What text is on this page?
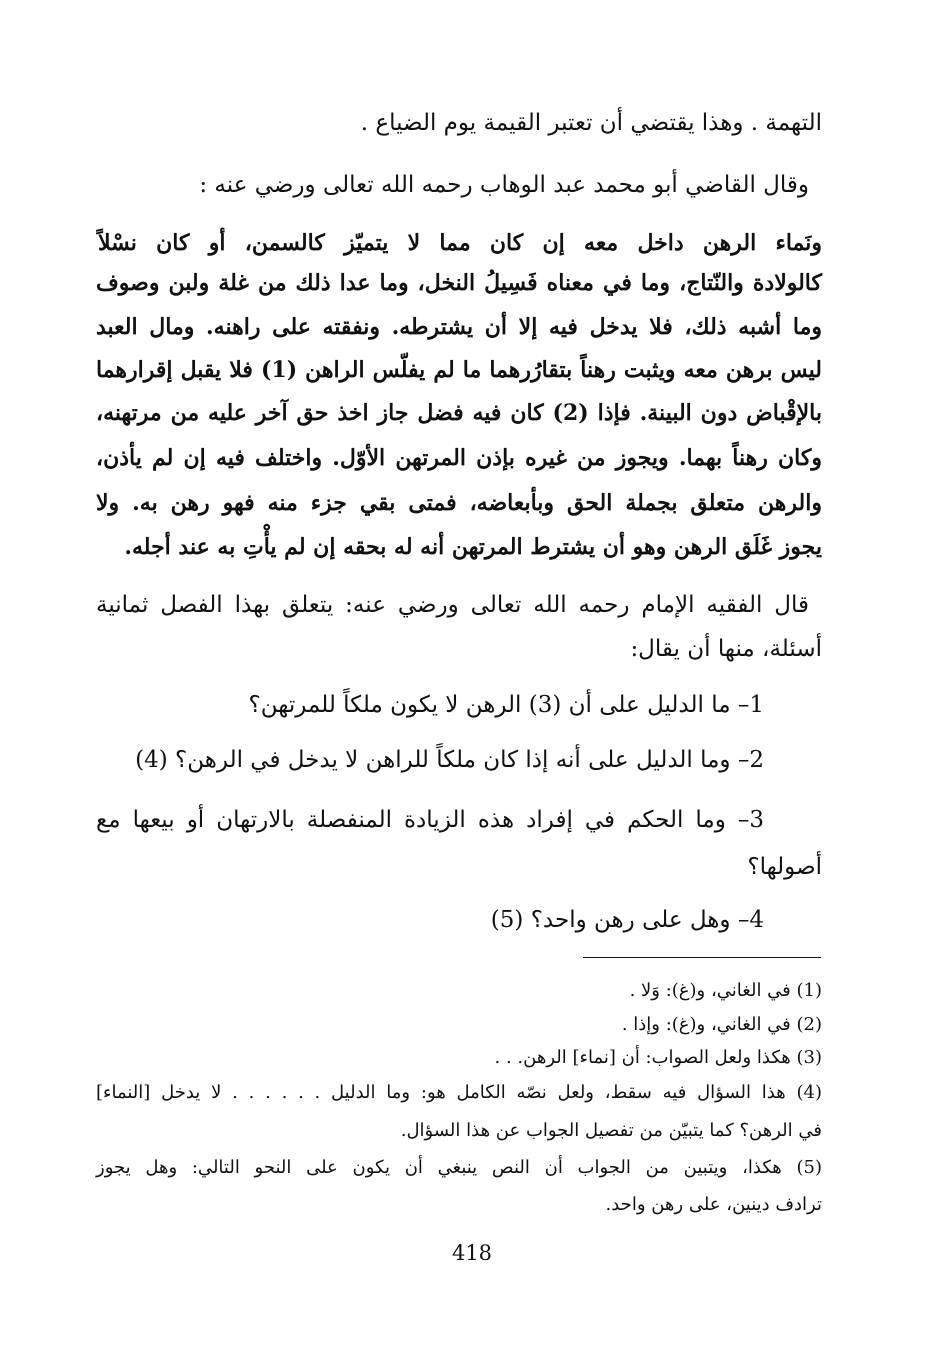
التهمة . وهذا يقتضي أن تعتبر القيمة يوم الضياع .
وقال القاضي أبو محمد عبد الوهاب رحمه الله تعالى ورضي عنه :
ونَماء الرهن داخل معه إن كان مما لا يتميّز كالسمن، أو كان نسْلاً
كالولادة والنّتاج، وما في معناه فَسِيلُ النخل، وما عدا ذلك من غلة ولبن وصوف
وما أشبه ذلك، فلا يدخل فيه إلا أن يشترطه. ونفقته على راهنه. ومال العبد
ليس برهن معه ويثبت رهناً بتقارُرهما ما لم يفلّس الراهن (1) فلا يقبل إقرارهما
بالإقْباض دون البينة. فإذا (2) كان فيه فضل جاز اخذ حق آخر عليه من مرتهنه،
وكان رهناً بهما. ويجوز من غيره بإذن المرتهن الأوّل. واختلف فيه إن لم يأذن،
والرهن متعلق بجملة الحق وبأبعاضه، فمتى بقي جزء منه فهو رهن به. ولا
يجوز غَلَق الرهن وهو أن يشترط المرتهن أنه له بحقه إن لم يأْتِ به عند أجله.
قال الفقيه الإمام رحمه الله تعالى ورضي عنه: يتعلق بهذا الفصل ثمانية
أسئلة، منها أن يقال:
1– ما الدليل على أن (3) الرهن لا يكون ملكاً للمرتهن؟
2– وما الدليل على أنه إذا كان ملكاً للراهن لا يدخل في الرهن؟ (4)
3– وما الحكم في إفراد هذه الزيادة المنفصلة بالارتهان أو بيعها مع
أصولها؟
4– وهل على رهن واحد؟ (5)
(1) في الغاني، و(غ): وَلا .
(2) في الغاني، و(غ): وإذا .
(3) هكذا ولعل الصواب: أن [نماء] الرهن. . .
(4) هذا السؤال فيه سقط، ولعل نصّه الكامل هو: وما الدليل . . . . . . لا يدخل [النماء]
في الرهن؟ كما يتبيّن من تفصيل الجواب عن هذا السؤال.
(5) هكذا، ويتبين من الجواب أن النص ينبغي أن يكون على النحو التالي: وهل يجوز
ترادف دينين، على رهن واحد.
418
